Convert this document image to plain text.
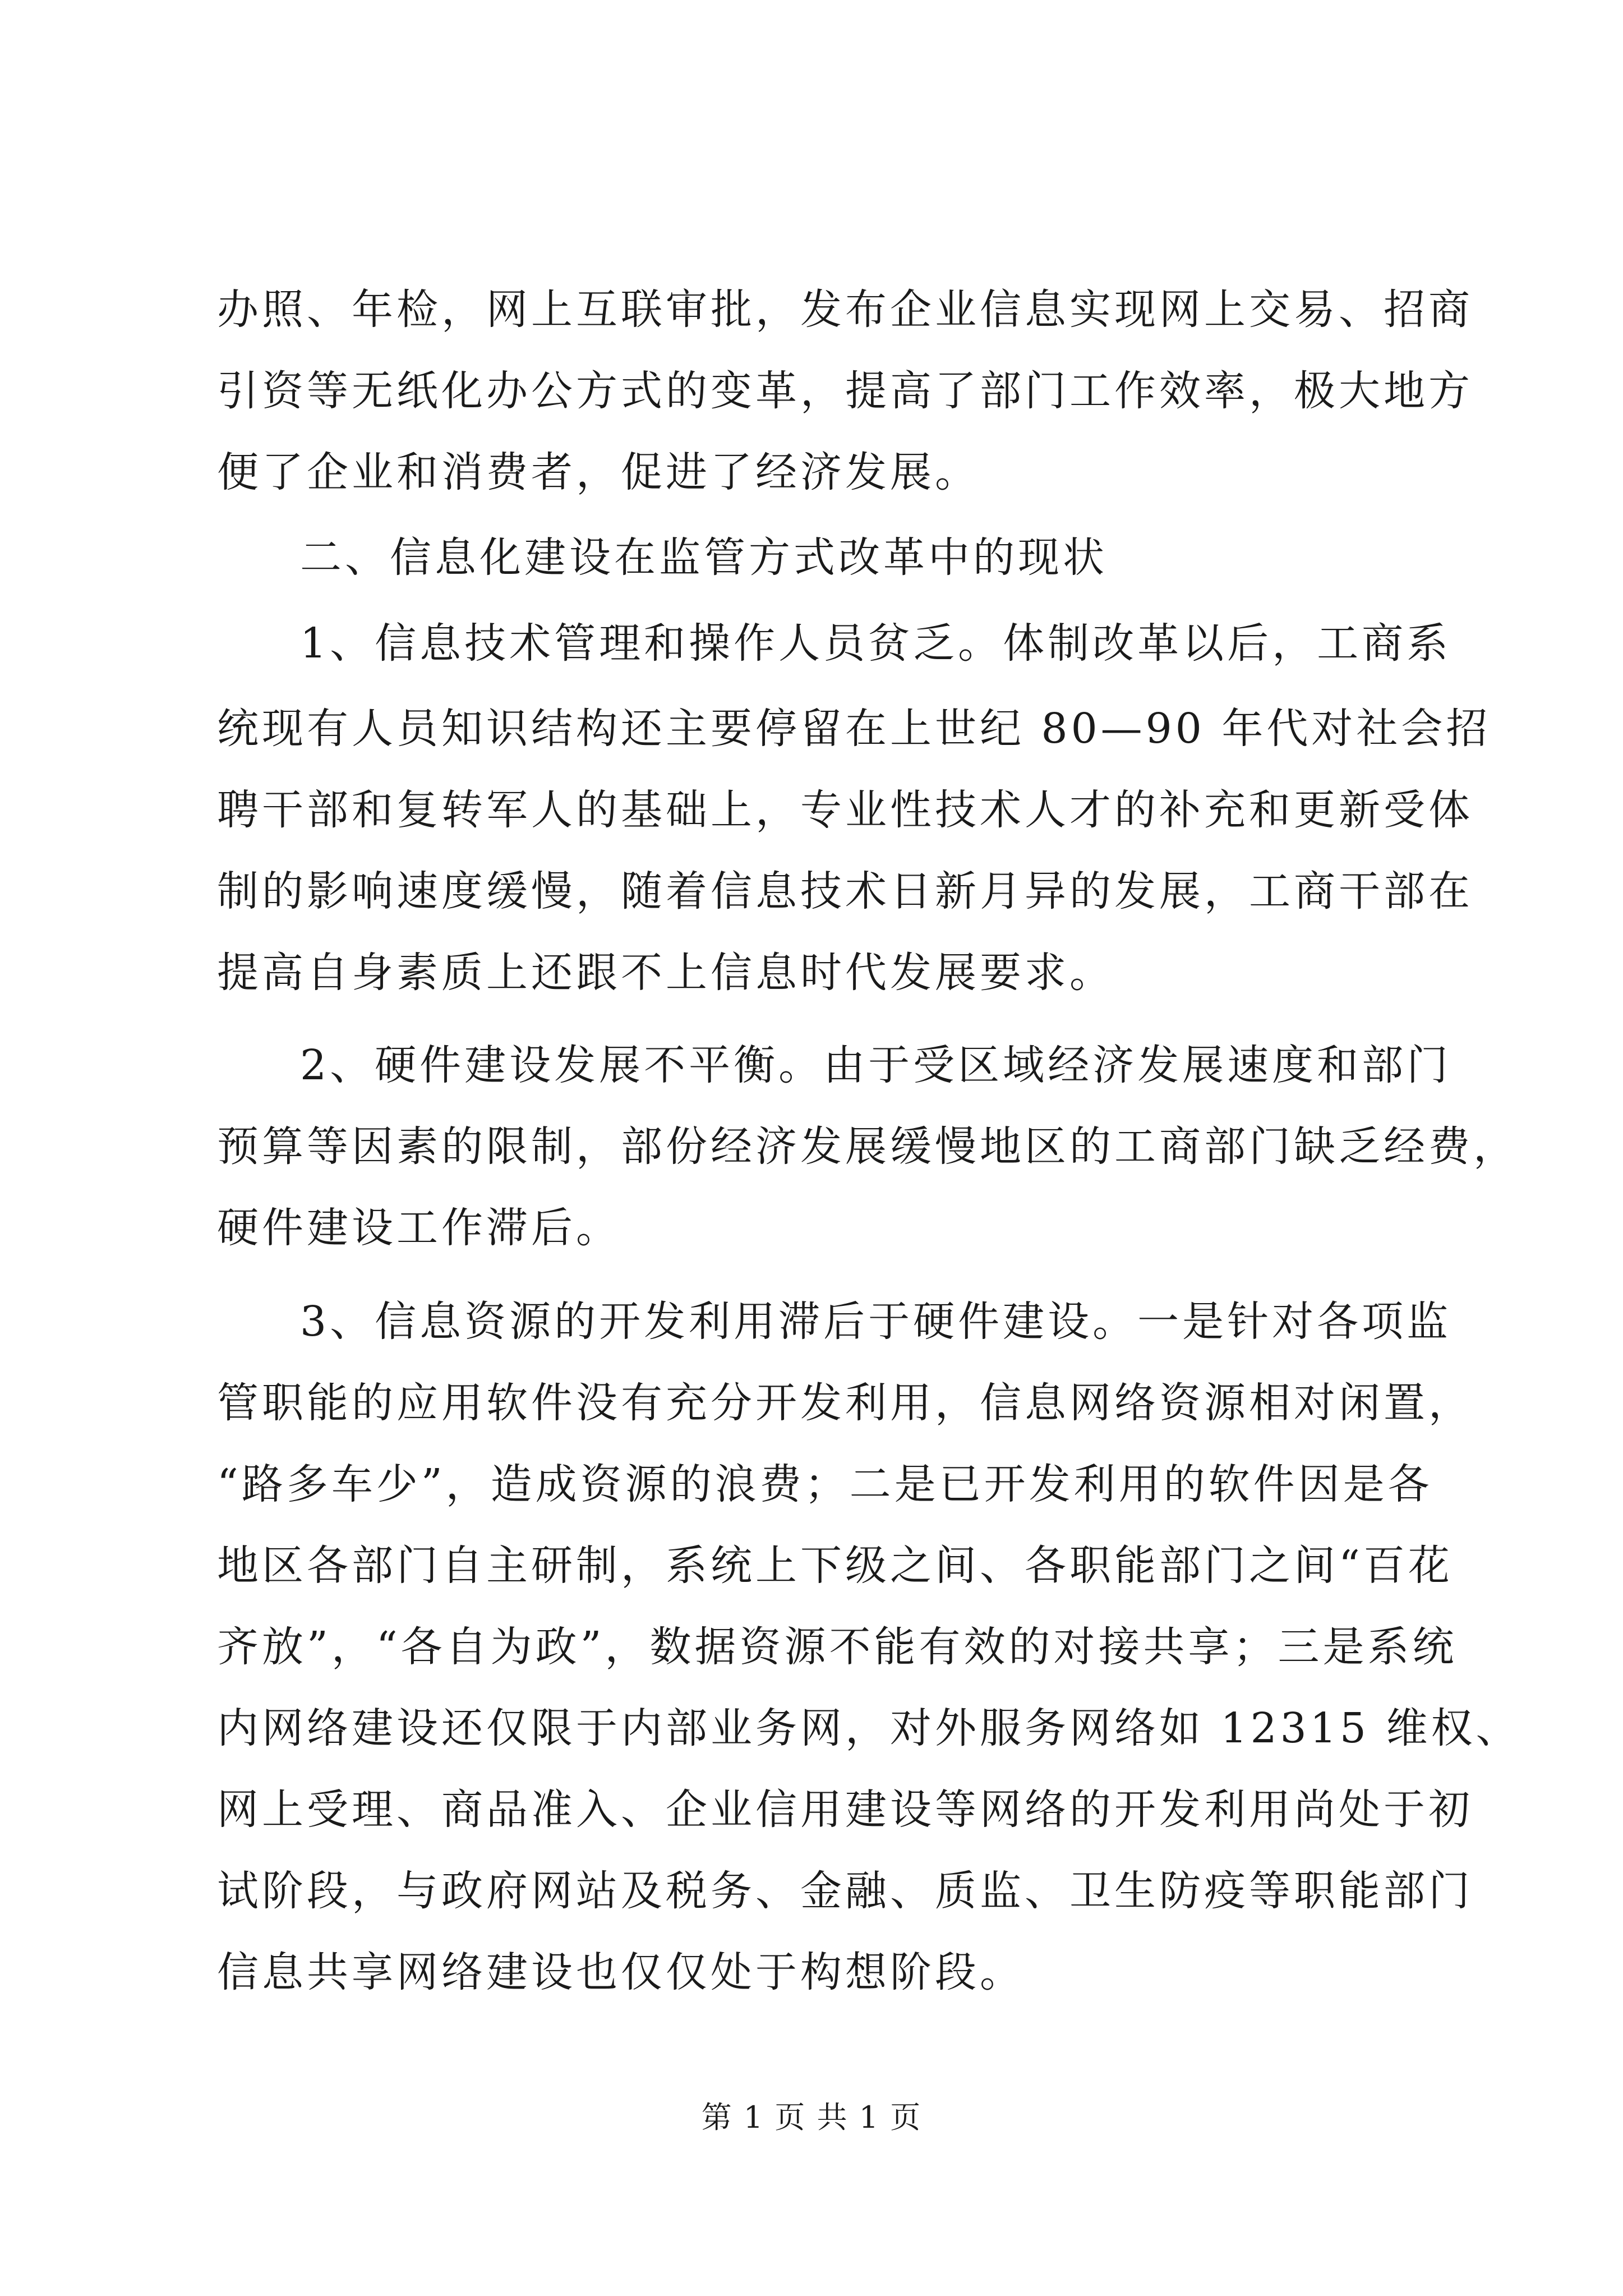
办照、年检，网上互联审批，发布企业信息实现网上交易、招商
引资等无纸化办公方式的变革，提高了部门工作效率，极大地方
便了企业和消费者，促进了经济发展。
二、信息化建设在监管方式改革中的现状
1、信息技术管理和操作人员贫乏。体制改革以后，工商系
统现有人员知识结构还主要停留在上世纪 80—90 年代对社会招
聘干部和复转军人的基础上，专业性技术人才的补充和更新受体
制的影响速度缓慢，随着信息技术日新月异的发展，工商干部在
提高自身素质上还跟不上信息时代发展要求。
2、硬件建设发展不平衡。由于受区域经济发展速度和部门
预算等因素的限制，部份经济发展缓慢地区的工商部门缺乏经费，
硬件建设工作滞后。
3、信息资源的开发利用滞后于硬件建设。一是针对各项监
管职能的应用软件没有充分开发利用，信息网络资源相对闲置，
“路多车少”，造成资源的浪费；二是已开发利用的软件因是各
地区各部门自主研制，系统上下级之间、各职能部门之间“百花
齐放”，“各自为政”，数据资源不能有效的对接共享；三是系统
内网络建设还仅限于内部业务网，对外服务网络如 12315 维权、
网上受理、商品准入、企业信用建设等网络的开发利用尚处于初
试阶段，与政府网站及税务、金融、质监、卫生防疫等职能部门
信息共享网络建设也仅仅处于构想阶段。
第 1 页 共 1 页
